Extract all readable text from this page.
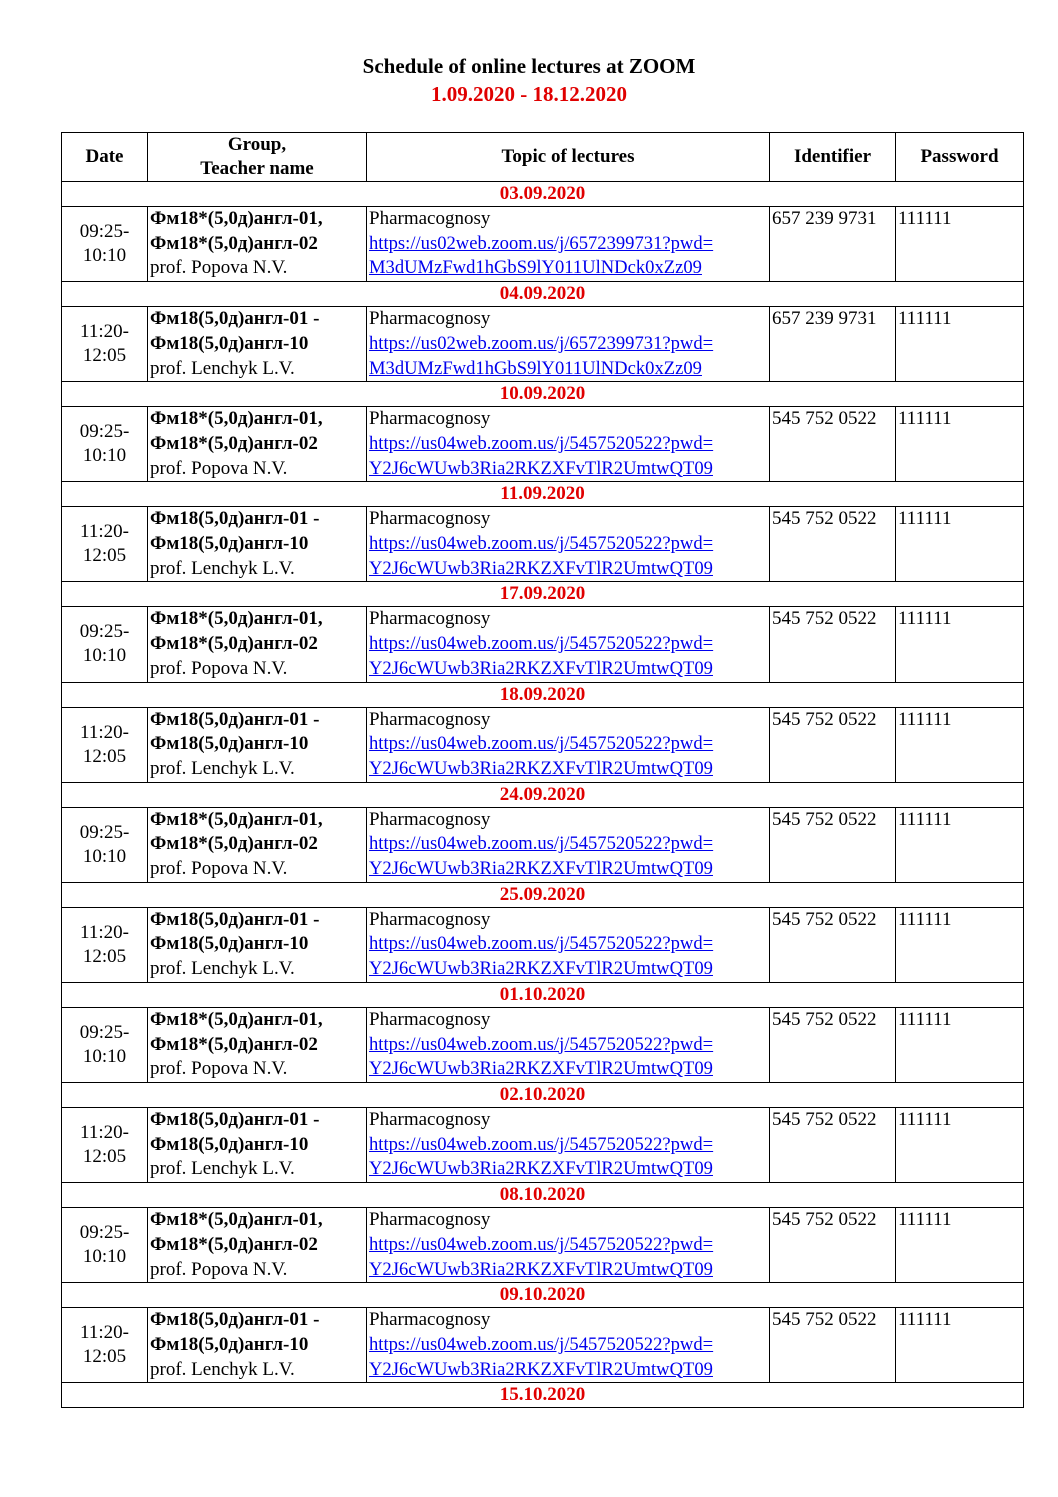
Schedule of online lectures at ZOOM
1.09.2020 - 18.12.2020
Date	Group,
Teacher name	Topic of lectures	Identifier	Password
03.09.2020				
09:25-
10:10	Фм18*(5,0д)англ-01,
Фм18*(5,0д)англ-02
prof. Popova N.V.	Pharmacognosy
https://us02web.zoom.us/j/6572399731?pwd=
M3dUMzFwd1hGbS9lY011UlNDck0xZz09	657 239 9731	111111
04.09.2020				
11:20-
12:05	Фм18(5,0д)англ-01 -
Фм18(5,0д)англ-10
prof. Lenchyk L.V.	Pharmacognosy
https://us02web.zoom.us/j/6572399731?pwd=
M3dUMzFwd1hGbS9lY011UlNDck0xZz09	657 239 9731	111111
10.09.2020				
09:25-
10:10	Фм18*(5,0д)англ-01,
Фм18*(5,0д)англ-02
prof. Popova N.V.	Pharmacognosy
https://us04web.zoom.us/j/5457520522?pwd=
Y2J6cWUwb3Ria2RKZXFvTlR2UmtwQT09	545 752 0522	111111
11.09.2020				
11:20-
12:05	Фм18(5,0д)англ-01 -
Фм18(5,0д)англ-10
prof. Lenchyk L.V.	Pharmacognosy
https://us04web.zoom.us/j/5457520522?pwd=
Y2J6cWUwb3Ria2RKZXFvTlR2UmtwQT09	545 752 0522	111111
17.09.2020				
09:25-
10:10	Фм18*(5,0д)англ-01,
Фм18*(5,0д)англ-02
prof. Popova N.V.	Pharmacognosy
https://us04web.zoom.us/j/5457520522?pwd=
Y2J6cWUwb3Ria2RKZXFvTlR2UmtwQT09	545 752 0522	111111
18.09.2020				
11:20-
12:05	Фм18(5,0д)англ-01 -
Фм18(5,0д)англ-10
prof. Lenchyk L.V.	Pharmacognosy
https://us04web.zoom.us/j/5457520522?pwd=
Y2J6cWUwb3Ria2RKZXFvTlR2UmtwQT09	545 752 0522	111111
24.09.2020				
09:25-
10:10	Фм18*(5,0д)англ-01,
Фм18*(5,0д)англ-02
prof. Popova N.V.	Pharmacognosy
https://us04web.zoom.us/j/5457520522?pwd=
Y2J6cWUwb3Ria2RKZXFvTlR2UmtwQT09	545 752 0522	111111
25.09.2020				
11:20-
12:05	Фм18(5,0д)англ-01 -
Фм18(5,0д)англ-10
prof. Lenchyk L.V.	Pharmacognosy
https://us04web.zoom.us/j/5457520522?pwd=
Y2J6cWUwb3Ria2RKZXFvTlR2UmtwQT09	545 752 0522	111111
01.10.2020				
09:25-
10:10	Фм18*(5,0д)англ-01,
Фм18*(5,0д)англ-02
prof. Popova N.V.	Pharmacognosy
https://us04web.zoom.us/j/5457520522?pwd=
Y2J6cWUwb3Ria2RKZXFvTlR2UmtwQT09	545 752 0522	111111
02.10.2020				
11:20-
12:05	Фм18(5,0д)англ-01 -
Фм18(5,0д)англ-10
prof. Lenchyk L.V.	Pharmacognosy
https://us04web.zoom.us/j/5457520522?pwd=
Y2J6cWUwb3Ria2RKZXFvTlR2UmtwQT09	545 752 0522	111111
08.10.2020				
09:25-
10:10	Фм18*(5,0д)англ-01,
Фм18*(5,0д)англ-02
prof. Popova N.V.	Pharmacognosy
https://us04web.zoom.us/j/5457520522?pwd=
Y2J6cWUwb3Ria2RKZXFvTlR2UmtwQT09	545 752 0522	111111
09.10.2020				
11:20-
12:05	Фм18(5,0д)англ-01 -
Фм18(5,0д)англ-10
prof. Lenchyk L.V.	Pharmacognosy
https://us04web.zoom.us/j/5457520522?pwd=
Y2J6cWUwb3Ria2RKZXFvTlR2UmtwQT09	545 752 0522	111111
15.10.2020				
